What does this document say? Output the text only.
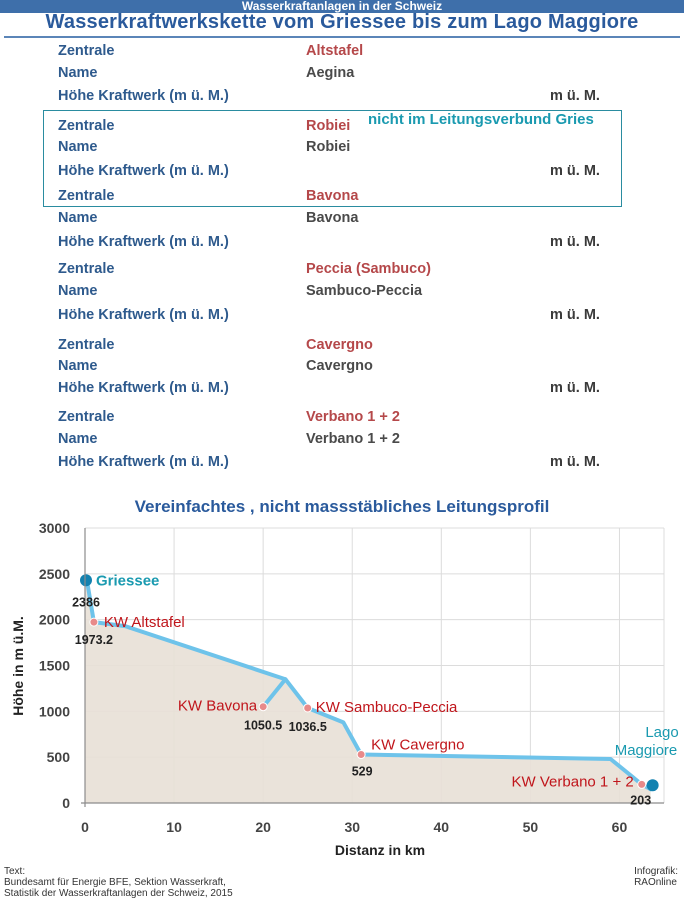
Wasserkraftanlagen in der Schweiz
Wasserkraftwerkskette vom Griessee bis zum Lago Maggiore
Zentrale	Altstafel
Name	Aegina
Höhe Kraftwerk (m ü. M.)	m ü. M.
Zentrale	Robiei
Name	Robiei
Höhe Kraftwerk (m ü. M.)	m ü. M.
Zentrale	Bavona
Name	Bavona
Höhe Kraftwerk (m ü. M.)	m ü. M.
Zentrale	Peccia (Sambuco)
Name	Sambuco-Peccia
Höhe Kraftwerk (m ü. M.)	m ü. M.
Zentrale	Cavergno
Name	Cavergno
Höhe Kraftwerk (m ü. M.)	m ü. M.
Zentrale	Verbano 1 + 2
Name	Verbano 1 + 2
Höhe Kraftwerk (m ü. M.)	m ü. M.
nicht im Leitungsverbund Gries
Vereinfachtes , nicht massstäbliches Leitungsprofil
0
500
1000
1500
2000
2500
3000
0	10	20	30	40	50	60
Distanz in km
Höhe in m ü.M.	KW Altstafel
1973.2
KW Bavona
1050.5
KW Sambuco-Peccia
1036.5
KW Cavergno
529
KW Verbano 1 + 2
203
Griessee
2386
Lago Maggiore
Text:
Bundesamt für Energie BFE, Sektion Wasserkraft,
Statistik der Wasserkraftanlagen der Schweiz, 2015
Infografik:
RAOnline
